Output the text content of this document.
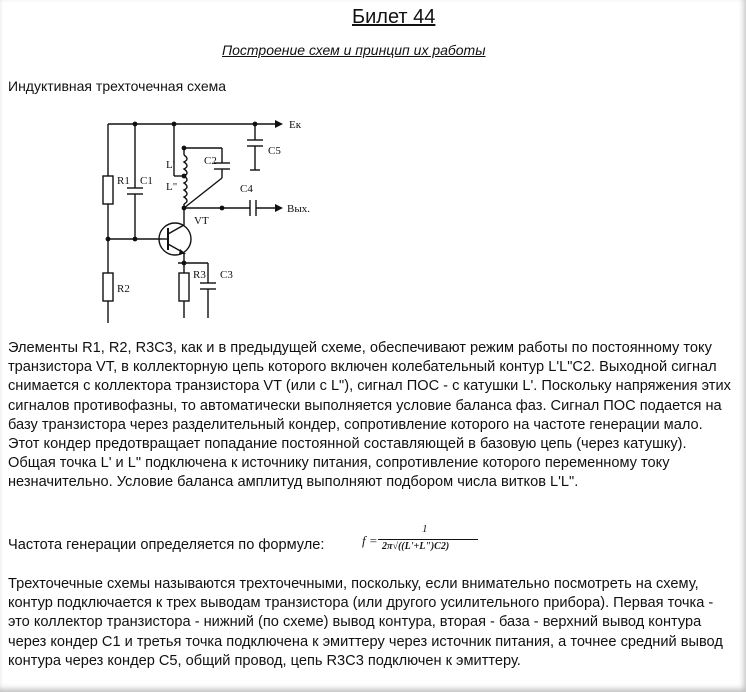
Билет 44
Построение схем и принцип их работы
Индуктивная трехточечная схема
R1 C1
R2
R3 C3
C2
C4
C5
L'
L"
VT
Eк
Вых.
Элементы R1, R2, R3C3, как и в предыдущей схеме, обеспечивают режим работы по постоянному току транзистора VT, в коллекторную цепь которого включен колебательный контур L'L"C2. Выходной сигнал снимается с коллектора транзистора VT (или с L"), сигнал ПОС - с катушки L'. Поскольку напряжения этих сигналов противофазны, то автоматически выполняется условие баланса фаз. Сигнал ПОС подается на базу транзистора через разделительный кондер, сопротивление которого на частоте генерации мало. Этот кондер предотвращает попадание постоянной составляющей в базовую цепь (через катушку). Общая точка L' и L" подключена к источнику питания, сопротивление которого переменному току незначительно. Условие баланса амплитуд выполняют подбором числа витков L'L".
Частота генерации определяется по формуле:	f =
1
2π√((L'+L")C2)
Трехточечные схемы называются трехточечными, поскольку, если внимательно посмотреть на схему, контур подключается к трех выводам транзистора (или другого усилительного прибора). Первая точка - это коллектор транзистора - нижний (по схеме) вывод контура, вторая - база - верхний вывод контура через кондер С1 и третья точка подключена к эмиттеру через источник питания, а точнее средний вывод контура через кондер С5, общий провод, цепь R3C3 подключен к эмиттеру.
